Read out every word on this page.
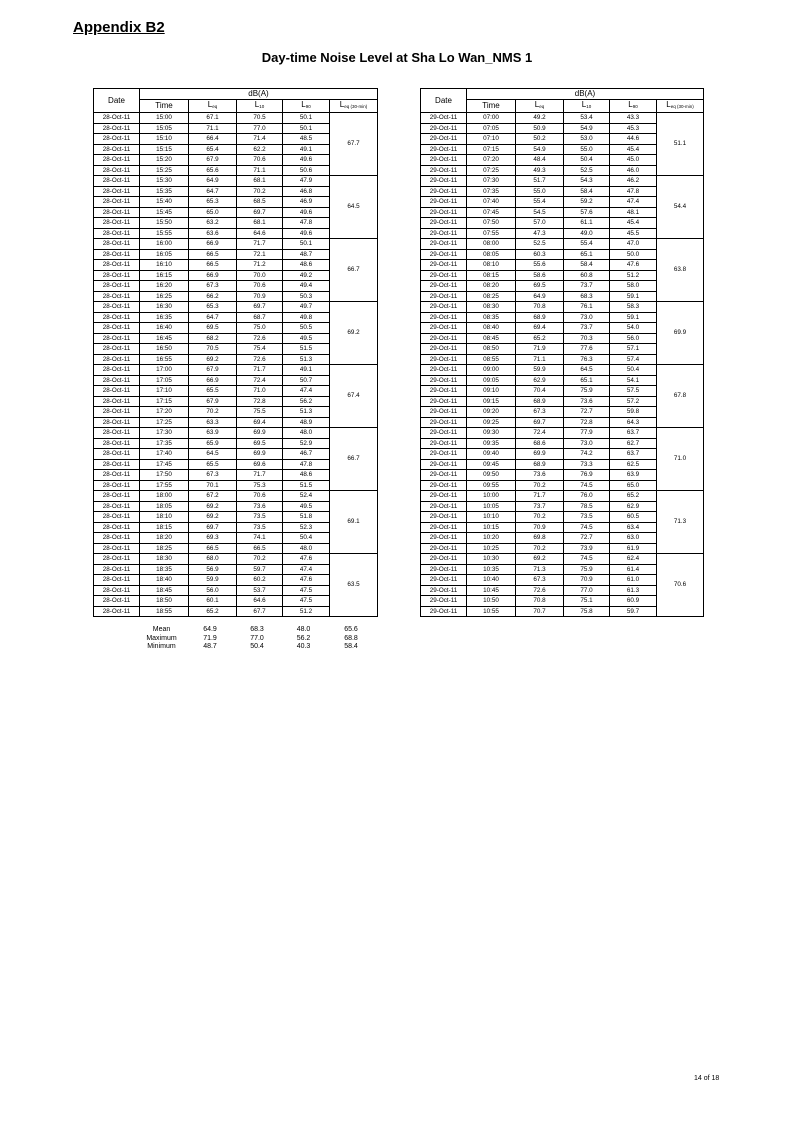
Appendix B2
Day-time Noise Level at Sha Lo Wan_NMS 1
Date	dB(A)				
	Time	$L_{eq}$	$L_{10}$	$L_{90}$	$L_{eq (30-min)}$
28-Oct-11	15:00	67.1	70.5	50.1	67.7
28-Oct-11	15:05	71.1	77.0	50.1	
28-Oct-11	15:10	66.4	71.4	48.5	
28-Oct-11	15:15	65.4	62.2	49.1	
28-Oct-11	15:20	67.9	70.6	49.6	
28-Oct-11	15:25	65.6	71.1	50.6	
28-Oct-11	15:30	64.9	68.1	47.9	64.5
28-Oct-11	15:35	64.7	70.2	46.8	
28-Oct-11	15:40	65.3	68.5	46.9	
28-Oct-11	15:45	65.0	69.7	49.6	
28-Oct-11	15:50	63.2	68.1	47.8	
28-Oct-11	15:55	63.6	64.6	49.6	
28-Oct-11	16:00	66.9	71.7	50.1	66.7
28-Oct-11	16:05	66.5	72.1	48.7	
28-Oct-11	16:10	66.5	71.2	48.6	
28-Oct-11	16:15	66.9	70.0	49.2	
28-Oct-11	16:20	67.3	70.6	49.4	
28-Oct-11	16:25	66.2	70.9	50.3	
28-Oct-11	16:30	65.3	69.7	49.7	69.2
28-Oct-11	16:35	64.7	68.7	49.8	
28-Oct-11	16:40	69.5	75.0	50.5	
28-Oct-11	16:45	68.2	72.6	49.5	
28-Oct-11	16:50	70.5	75.4	51.5	
28-Oct-11	16:55	69.2	72.6	51.3	
28-Oct-11	17:00	67.9	71.7	49.1	67.4
28-Oct-11	17:05	66.9	72.4	50.7	
28-Oct-11	17:10	65.5	71.0	47.4	
28-Oct-11	17:15	67.9	72.8	56.2	
28-Oct-11	17:20	70.2	75.5	51.3	
28-Oct-11	17:25	63.3	69.4	48.9	
28-Oct-11	17:30	63.9	69.9	48.0	66.7
28-Oct-11	17:35	65.9	69.5	52.9	
28-Oct-11	17:40	64.5	69.9	46.7	
28-Oct-11	17:45	65.5	69.6	47.8	
28-Oct-11	17:50	67.3	71.7	48.6	
28-Oct-11	17:55	70.1	75.3	51.5	
28-Oct-11	18:00	67.2	70.6	52.4	69.1
28-Oct-11	18:05	69.2	73.6	49.5	
28-Oct-11	18:10	69.2	73.5	51.8	
28-Oct-11	18:15	69.7	73.5	52.3	
28-Oct-11	18:20	69.3	74.1	50.4	
28-Oct-11	18:25	66.5	66.5	48.0	
28-Oct-11	18:30	68.0	70.2	47.6	63.5
28-Oct-11	18:35	56.9	59.7	47.4	
28-Oct-11	18:40	59.9	60.2	47.6	
28-Oct-11	18:45	56.0	53.7	47.5	
28-Oct-11	18:50	60.1	64.6	47.5	
28-Oct-11	18:55	65.2	67.7	51.2	
Date	dB(A)				
	Time	$L_{eq}$	$L_{10}$	$L_{90}$	$L_{eq (30-min)}$
29-Oct-11	07:00	49.2	53.4	43.3	51.1
29-Oct-11	07:05	50.9	54.9	45.3	
29-Oct-11	07:10	50.2	53.0	44.6	
29-Oct-11	07:15	54.9	55.0	45.4	
29-Oct-11	07:20	48.4	50.4	45.0	
29-Oct-11	07:25	49.3	52.5	46.0	
29-Oct-11	07:30	51.7	54.3	46.2	54.4
29-Oct-11	07:35	55.0	58.4	47.8	
29-Oct-11	07:40	55.4	59.2	47.4	
29-Oct-11	07:45	54.5	57.6	48.1	
29-Oct-11	07:50	57.0	61.1	45.4	
29-Oct-11	07:55	47.3	49.0	45.5	
29-Oct-11	08:00	52.5	55.4	47.0	63.8
29-Oct-11	08:05	60.3	65.1	50.0	
29-Oct-11	08:10	55.6	58.4	47.6	
29-Oct-11	08:15	58.6	60.8	51.2	
29-Oct-11	08:20	69.5	73.7	58.0	
29-Oct-11	08:25	64.9	68.3	59.1	
29-Oct-11	08:30	70.8	76.1	58.3	69.9
29-Oct-11	08:35	68.9	73.0	59.1	
29-Oct-11	08:40	69.4	73.7	54.0	
29-Oct-11	08:45	65.2	70.3	56.0	
29-Oct-11	08:50	71.9	77.6	57.1	
29-Oct-11	08:55	71.1	76.3	57.4	
29-Oct-11	09:00	59.9	64.5	50.4	67.8
29-Oct-11	09:05	62.9	65.1	54.1	
29-Oct-11	09:10	70.4	75.9	57.5	
29-Oct-11	09:15	68.9	73.6	57.2	
29-Oct-11	09:20	67.3	72.7	59.8	
29-Oct-11	09:25	69.7	72.8	64.3	
29-Oct-11	09:30	72.4	77.9	63.7	71.0
29-Oct-11	09:35	68.6	73.0	62.7	
29-Oct-11	09:40	69.9	74.2	63.7	
29-Oct-11	09:45	68.9	73.3	62.5	
29-Oct-11	09:50	73.6	76.9	63.9	
29-Oct-11	09:55	70.2	74.5	65.0	
29-Oct-11	10:00	71.7	76.0	65.2	71.3
29-Oct-11	10:05	73.7	78.5	62.9	
29-Oct-11	10:10	70.2	73.5	60.5	
29-Oct-11	10:15	70.9	74.5	63.4	
29-Oct-11	10:20	69.8	72.7	63.0	
29-Oct-11	10:25	70.2	73.9	61.9	
29-Oct-11	10:30	69.2	74.5	62.4	70.6
29-Oct-11	10:35	71.3	75.9	61.4	
29-Oct-11	10:40	67.3	70.9	61.0	
29-Oct-11	10:45	72.6	77.0	61.3	
29-Oct-11	10:50	70.8	75.1	60.9	
29-Oct-11	10:55	70.7	75.8	59.7	
Mean	64.9	68.3	48.0	65.6
Maximum	71.9	77.0	56.2	68.8
Minimum	48.7	50.4	40.3	58.4
14 of 18
